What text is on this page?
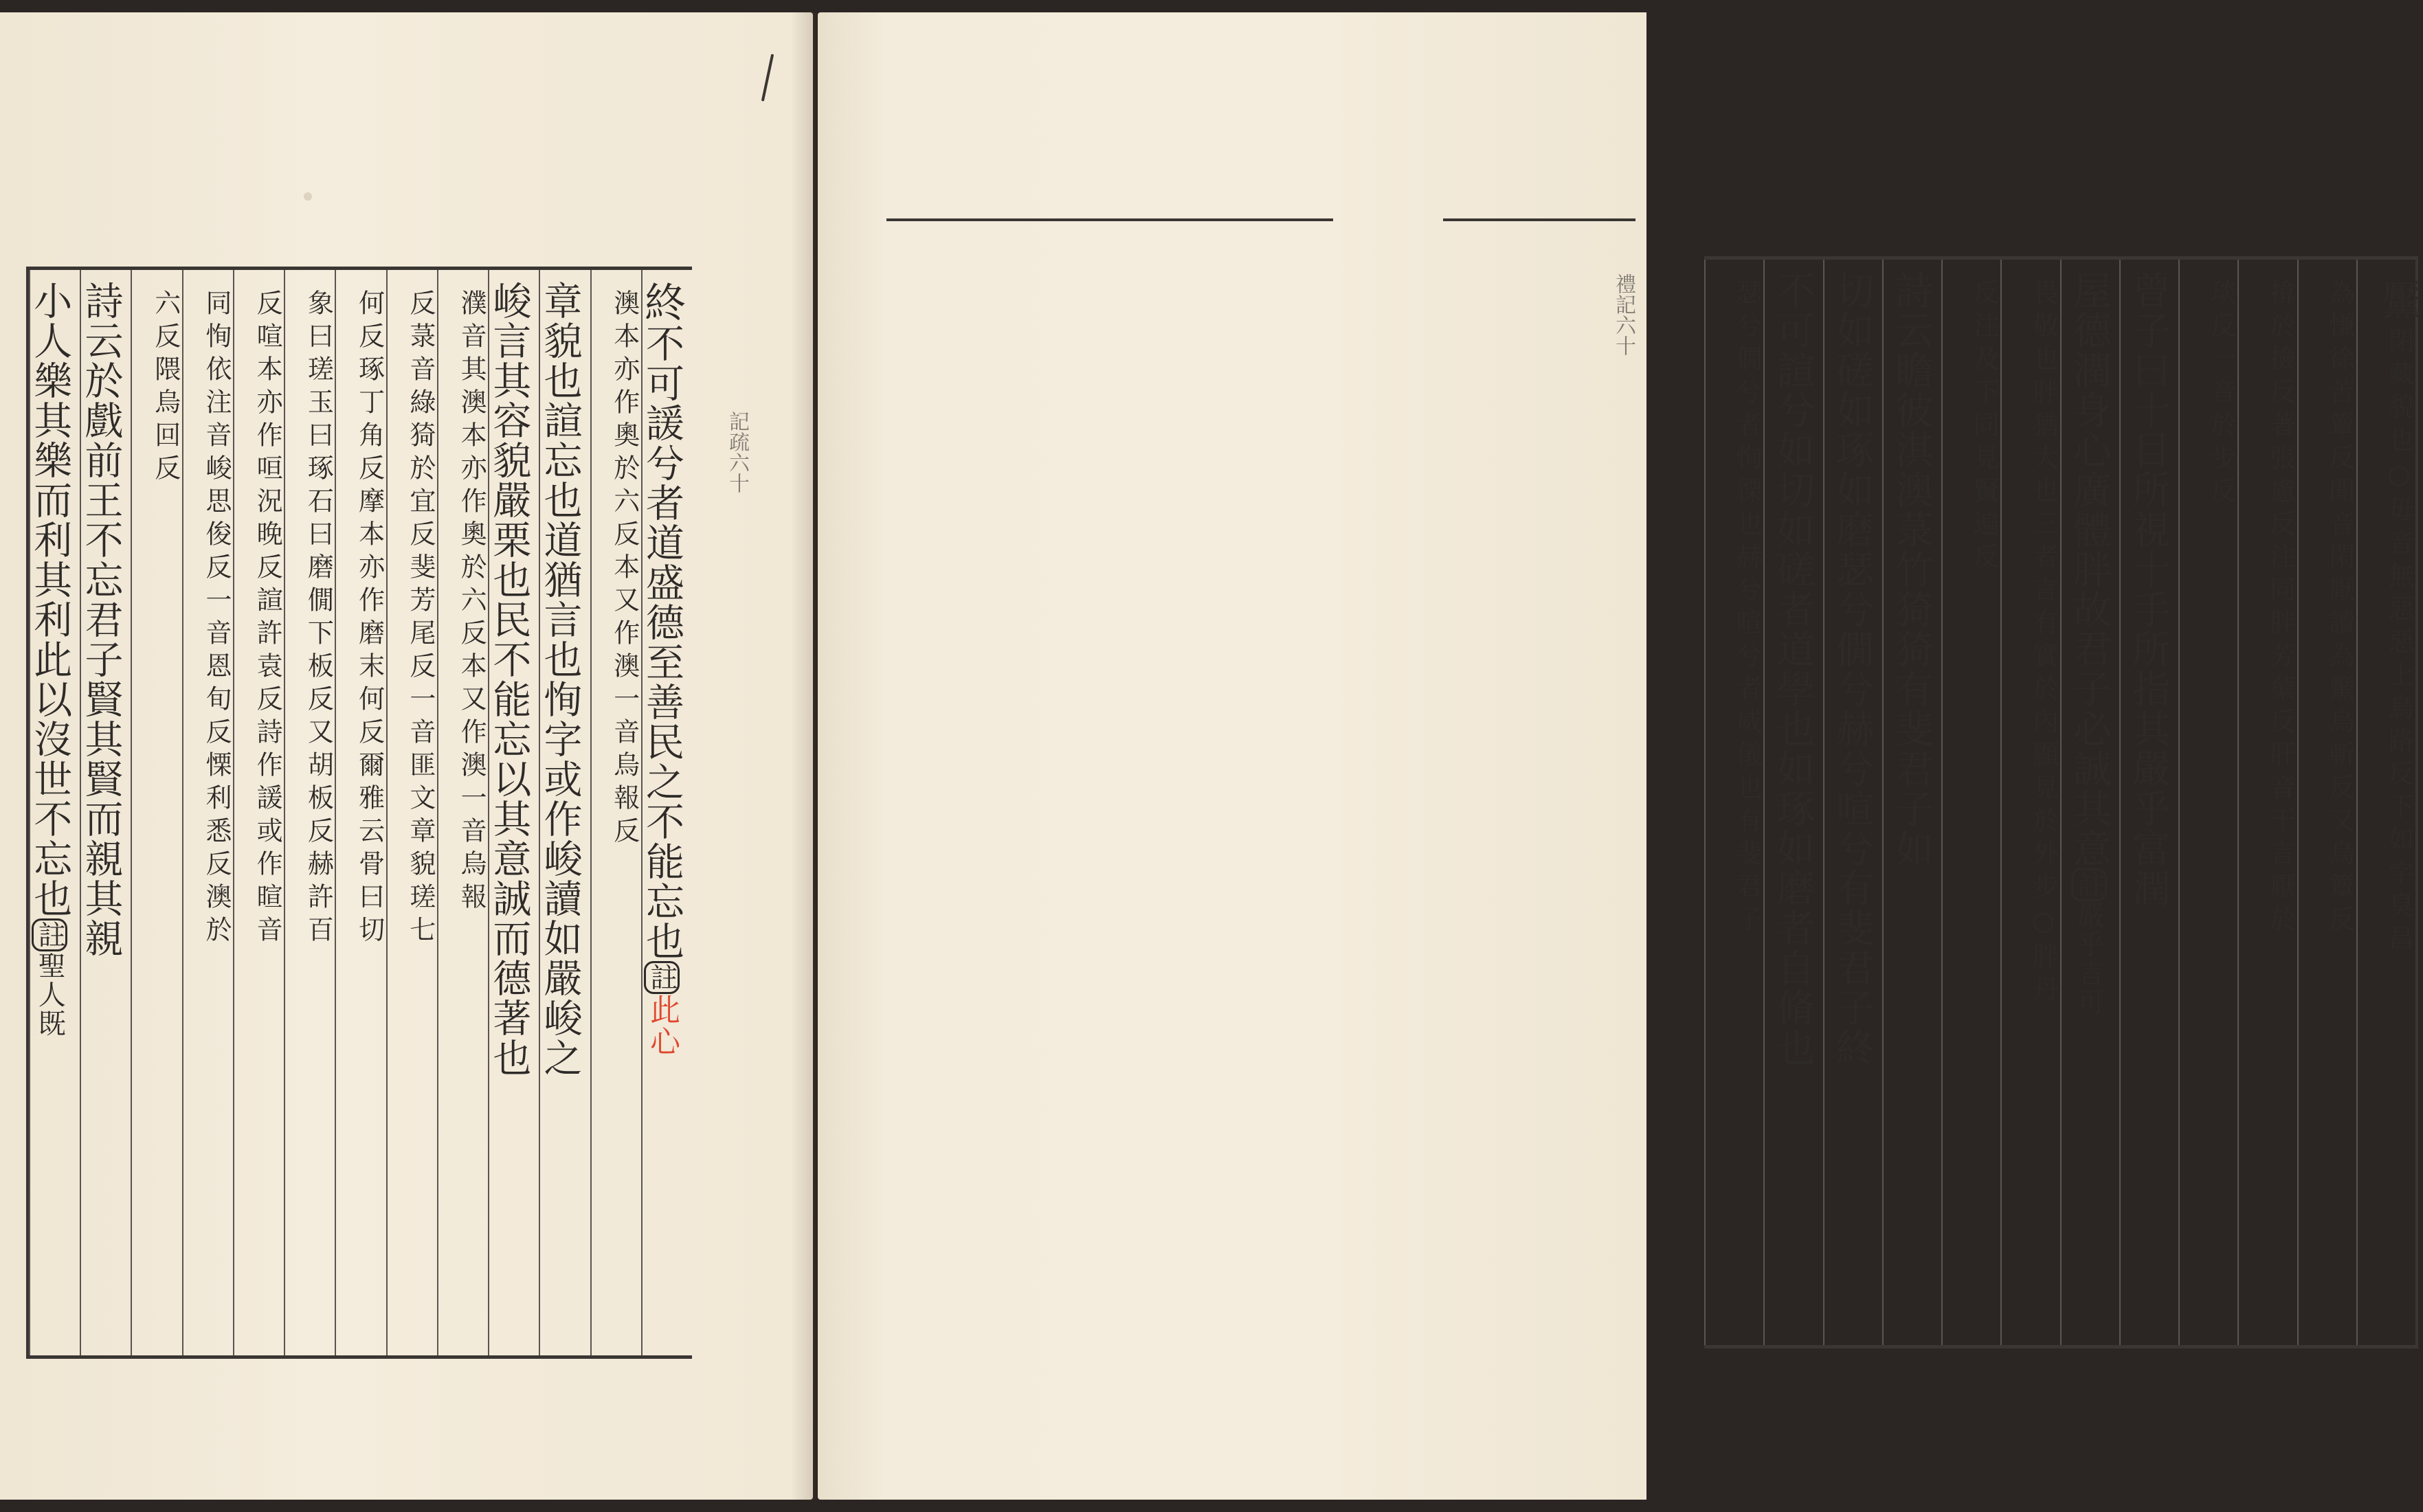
記疏六十
終不可諼兮者道盛德至善民之不能忘也註此心
澳本亦作奧於六反本又作澳一音烏報反
章貌也諠忘也道猶言也恂字或作峻讀如嚴峻之
峻言其容貌嚴栗也民不能忘以其意誠而德著也
濮音其澳本亦作奧於六反本又作澳一音烏報
反菉音綠猗於宜反斐芳尾反一音匪文章貌瑳七
何反琢丁角反摩本亦作磨末何反爾雅云骨曰切
象曰瑳玉曰琢石曰磨僩下板反又胡板反赫許百
反喧本亦作咺況晚反諠許袁反詩作諼或作暄音
同恂依注音峻思俊反一音恩旬反慄利悉反澳於
六反隈烏回反
詩云於戲前王不忘君子賢其賢而親其親
小人樂其樂而利其利此以沒世不忘也註聖人既
禮記六十	黶閉藏貌也○毋音無惡惡上烏路反下如字臭昌
為慊徐苦簟反閒音閑厭讀為黶烏斬反又烏簟反
揜於撿反著張慮反注同胖芳蘖反肝音干言厭於
琰反一音於步反
曾子曰十目所視十手所指其嚴乎富潤
屋德潤身心廣體胖故君子必誠其意註嚴乎言可
畏敬也胖猶大也三者言有實於內顯見於外步○胖丹
反注及下同見賢遍反
詩云瞻彼淇澳菉竹猗猗有斐君子如
切如磋如琢如磨瑟兮僩兮赫兮喧兮有斐君子終
不可諠兮如切如磋者道學也如琢如磨者自脩也
瑟兮僩兮者恂慄也赫兮喧兮者威儀也有斐君子
